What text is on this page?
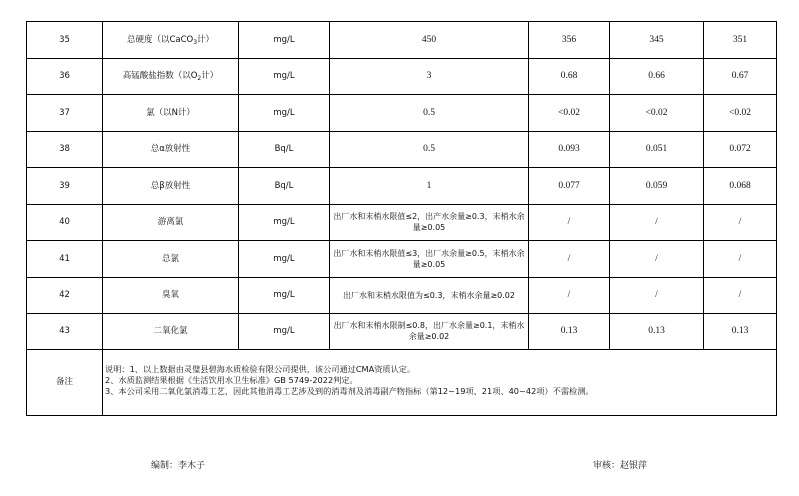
35	总硬度（以CaCO$_3$计）	mg/L	450	356	345	351
36	高锰酸盐指数（以$O_2$计）	mg/L	3	0.68	0.66	0.67
37	氯（以N计）	mg/L	0.5	<0.02	<0.02	<0.02
38	总α放射性	Bq/L	0.5	0.093	0.051	0.072
39	总β放射性	Bq/L	1	0.077	0.059	0.068
40	游离氯	mg/L	出厂水和末梢水限值≤2，出产水余量≥0.3，末梢水余量≥0.05	/	/	/
41	总氯	mg/L	出厂水和末梢水限值≤3，出厂水余量≥0.5，末梢水余量≥0.05	/	/	/
42	臭氧	mg/L	出厂水和末梢水限值为≤0.3，末梢水余量≥0.02	/	/	/
43	二氧化氯	mg/L	出厂水和末梢水限制≤0.8，出厂水余量≥0.1，末梢水余量≥0.02	0.13	0.13	0.13
备注	说明：1、以上数据由灵璧县碧海水质检验有限公司提供，该公司通过CMA资质认定。
2、水质监测结果根据《生活饮用水卫生标准》GB 5749-2022判定。
3、本公司采用二氧化氯消毒工艺，因此其他消毒工艺涉及到的消毒剂及消毒副产物指标（第12~19项、21项、40~42项）不需检测。					
编制：李木子	审核：赵银萍
